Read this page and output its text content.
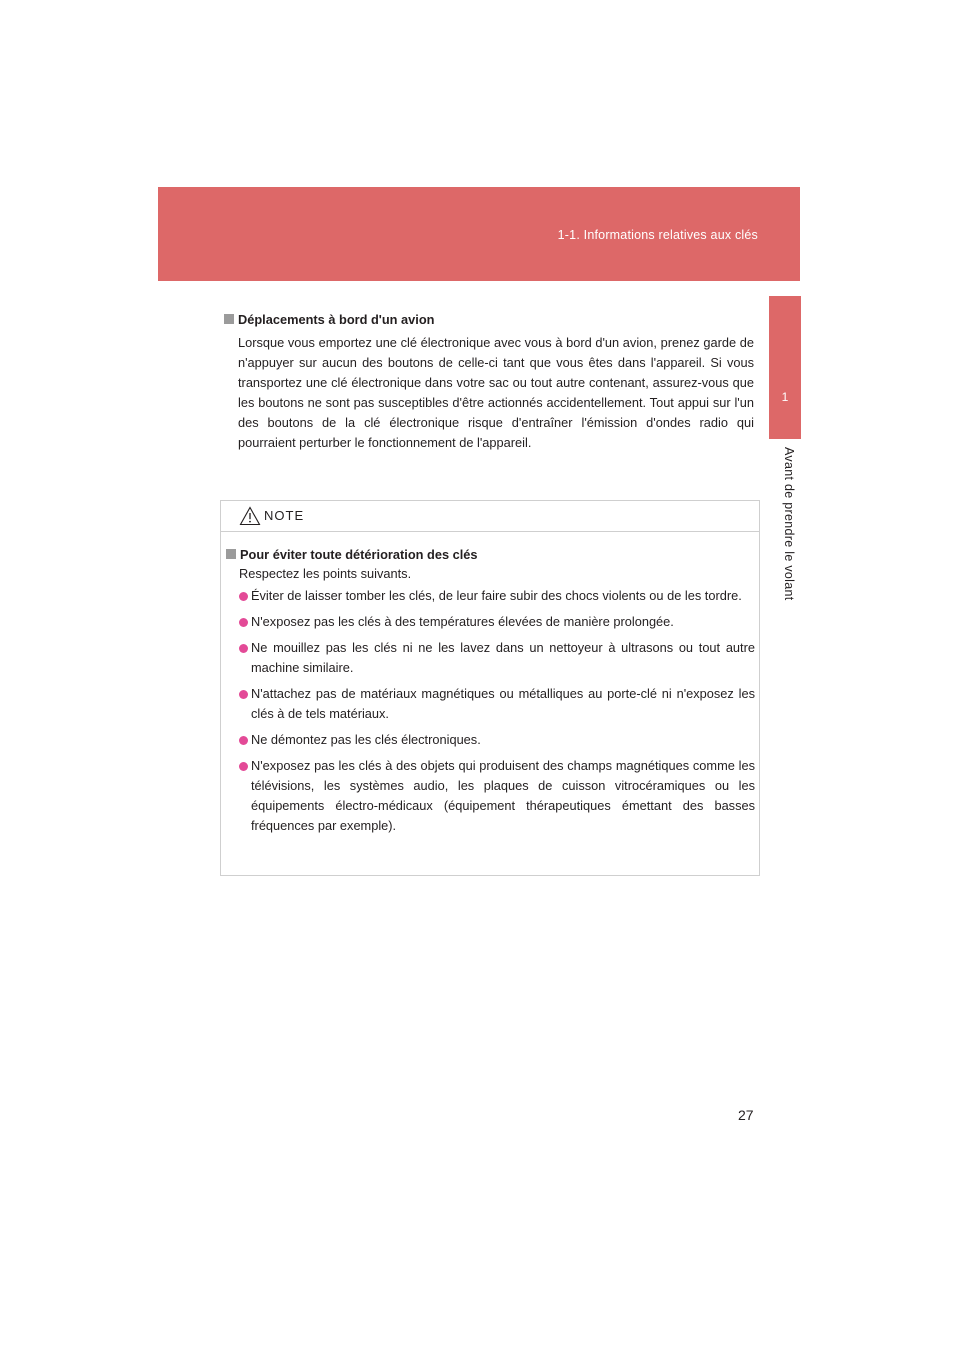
1-1. Informations relatives aux clés
1
Avant de prendre le volant
Déplacements à bord d'un avion

Lorsque vous emportez une clé électronique avec vous à bord d'un avion, prenez garde de n'appuyer sur aucun des boutons de celle-ci tant que vous êtes dans l'appareil. Si vous transportez une clé électronique dans votre sac ou tout autre contenant, assurez-vous que les boutons ne sont pas susceptibles d'être actionnés accidentellement. Tout appui sur l'un des boutons de la clé électronique risque d'entraîner l'émission d'ondes radio qui pourraient perturber le fonctionnement de l'appareil.

NOTE
Pour éviter toute détérioration des clés

Respectez les points suivants.

Éviter de laisser tomber les clés, de leur faire subir des chocs violents ou de les tordre.
N'exposez pas les clés à des températures élevées de manière prolongée.
Ne mouillez pas les clés ni ne les lavez dans un nettoyeur à ultrasons ou tout autre machine similaire.
N'attachez pas de matériaux magnétiques ou métalliques au porte-clé ni n'exposez les clés à de tels matériaux.
Ne démontez pas les clés électroniques.
N'exposez pas les clés à des objets qui produisent des champs magnétiques comme les télévisions, les systèmes audio, les plaques de cuisson vitrocéramiques ou les équipements électro-médicaux (équipement thérapeutiques émettant des basses fréquences par exemple).
27
